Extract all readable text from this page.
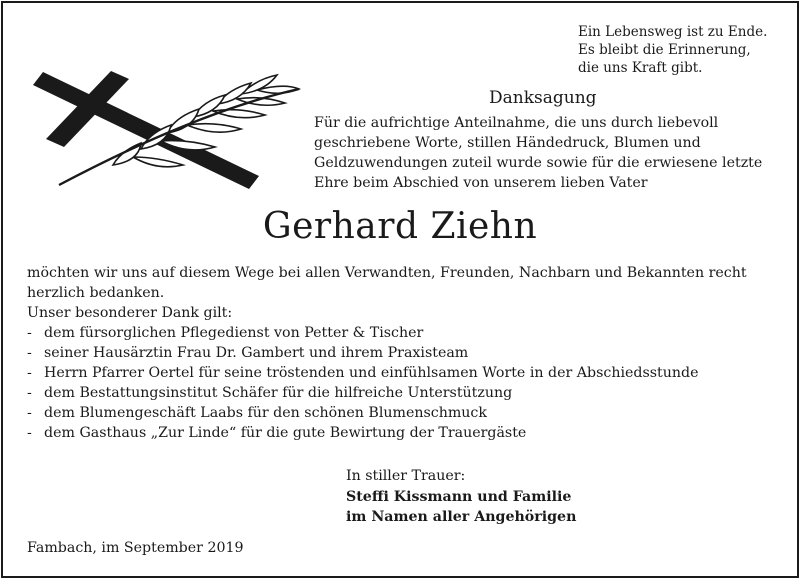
Ein Lebensweg ist zu Ende.
Es bleibt die Erinnerung,
die uns Kraft gibt.
Danksagung
Für die aufrichtige Anteilnahme, die uns durch liebevoll
geschriebene Worte, stillen Händedruck, Blumen und
Geldzuwendungen zuteil wurde sowie für die erwiesene letzte
Ehre beim Abschied von unserem lieben Vater
Gerhard Ziehn
möchten wir uns auf diesem Wege bei allen Verwandten, Freunden, Nachbarn und Bekannten recht
herzlich bedanken.
Unser besonderer Dank gilt:
- dem fürsorglichen Pflegedienst von Petter & Tischer
- seiner Hausärztin Frau Dr. Gambert und ihrem Praxisteam
- Herrn Pfarrer Oertel für seine tröstenden und einfühlsamen Worte in der Abschiedsstunde
- dem Bestattungsinstitut Schäfer für die hilfreiche Unterstützung
- dem Blumengeschäft Laabs für den schönen Blumenschmuck
- dem Gasthaus „Zur Linde“ für die gute Bewirtung der Trauergäste
In stiller Trauer:
Steffi Kissmann und Familie
im Namen aller Angehörigen
Fambach, im September 2019
